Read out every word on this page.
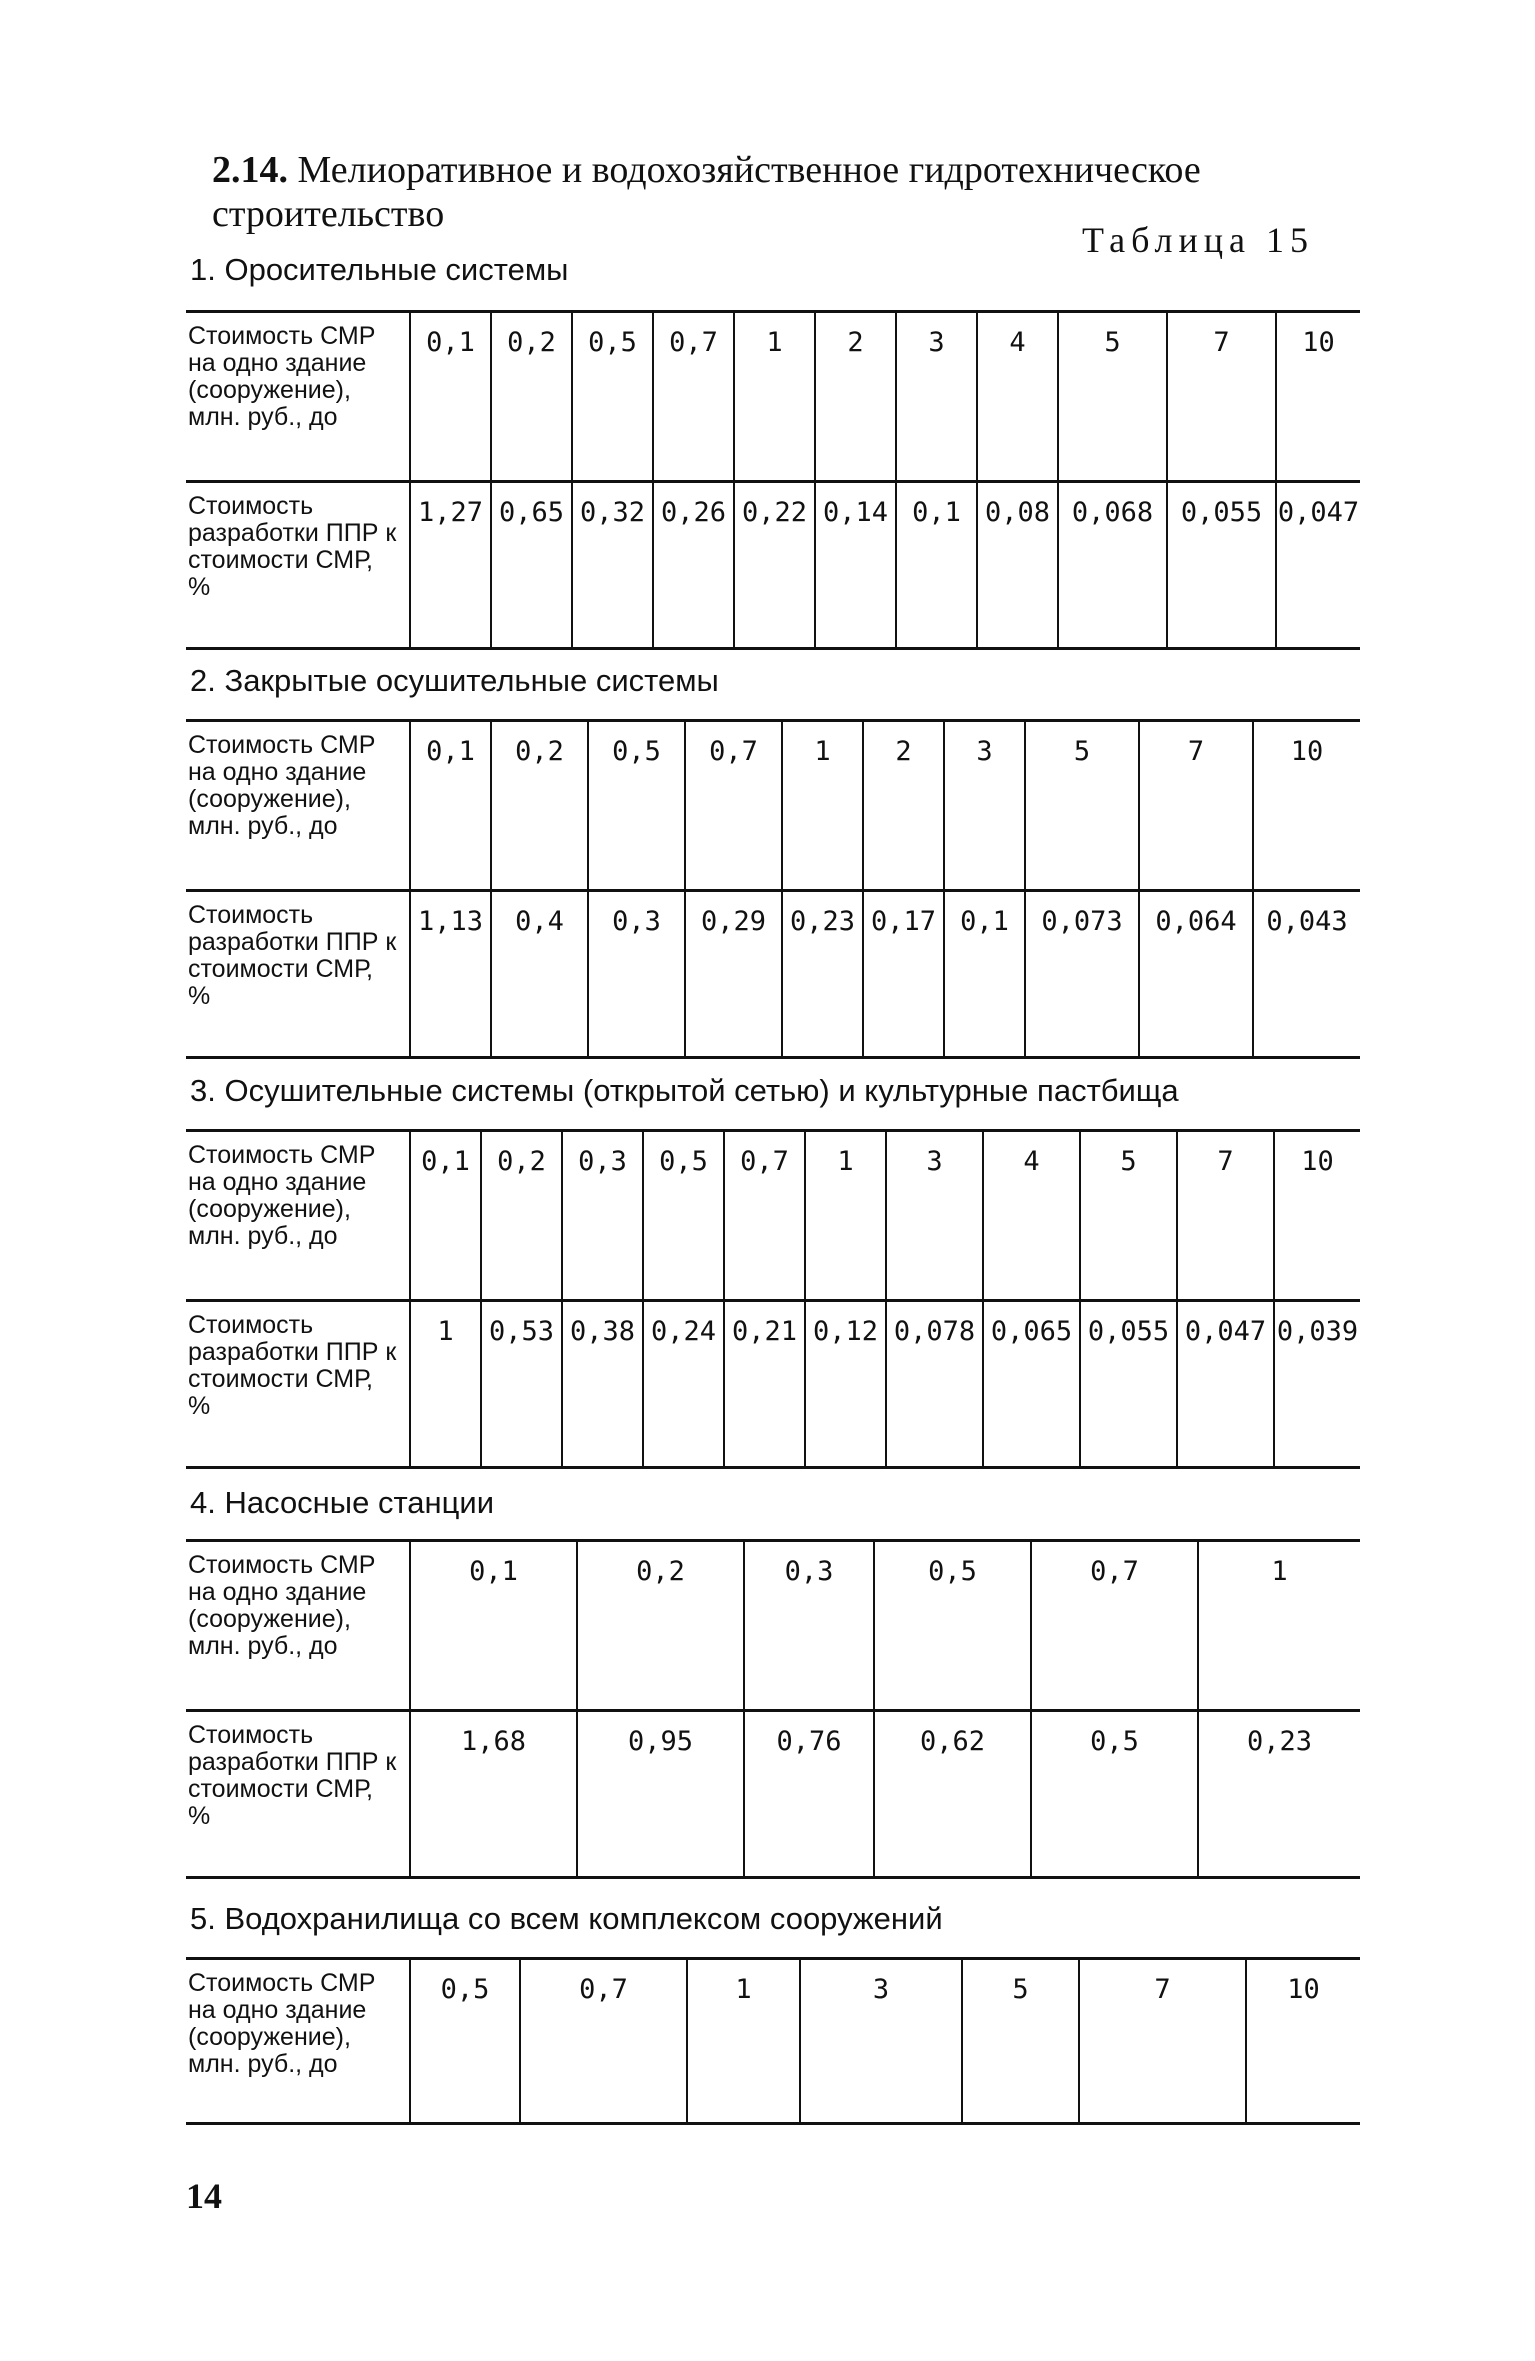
2.14. Мелиоративное и водохозяйственное гидротехническое строительство
Таблица 15
1. Оросительные системы
Стоимость СМР на одно здание (сооружение), млн. руб., до	0,1	0,2	0,5	0,7	1	2	3	4	5	7	10
Стоимость разработки ППР к стоимости СМР, %	1,27	0,65	0,32	0,26	0,22	0,14	0,1	0,08	0,068	0,055	0,047
2. Закрытые осушительные системы
Стоимость СМР на одно здание (сооружение), млн. руб., до	0,1	0,2	0,5	0,7	1	2	3	5	7	10
Стоимость разработки ППР к стоимости СМР, %	1,13	0,4	0,3	0,29	0,23	0,17	0,1	0,073	0,064	0,043
3. Осушительные системы (открытой сетью) и культурные пастбища
Стоимость СМР на одно здание (сооружение), млн. руб., до	0,1	0,2	0,3	0,5	0,7	1	3	4	5	7	10
Стоимость разработки ППР к стоимости СМР, %	1	0,53	0,38	0,24	0,21	0,12	0,078	0,065	0,055	0,047	0,039
4. Насосные станции
Стоимость СМР на одно здание (сооружение), млн. руб., до	0,1	0,2	0,3	0,5	0,7	1
Стоимость разработки ППР к стоимости СМР, %	1,68	0,95	0,76	0,62	0,5	0,23
5. Водохранилища со всем комплексом сооружений
Стоимость СМР на одно здание (сооружение), млн. руб., до	0,5	0,7	1	3	5	7	10
14
